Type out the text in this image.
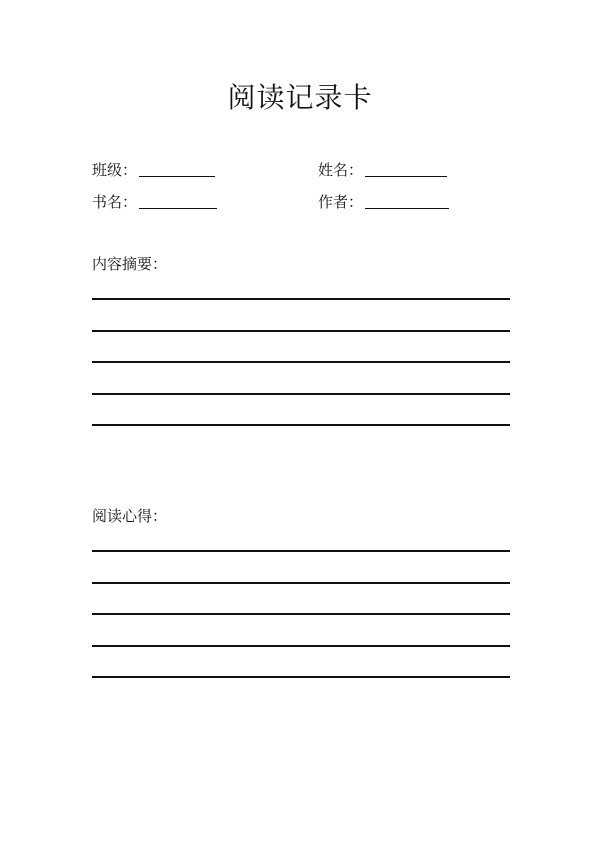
阅读记录卡
班级：	姓名：
书名：	作者：
内容摘要：
阅读心得：
